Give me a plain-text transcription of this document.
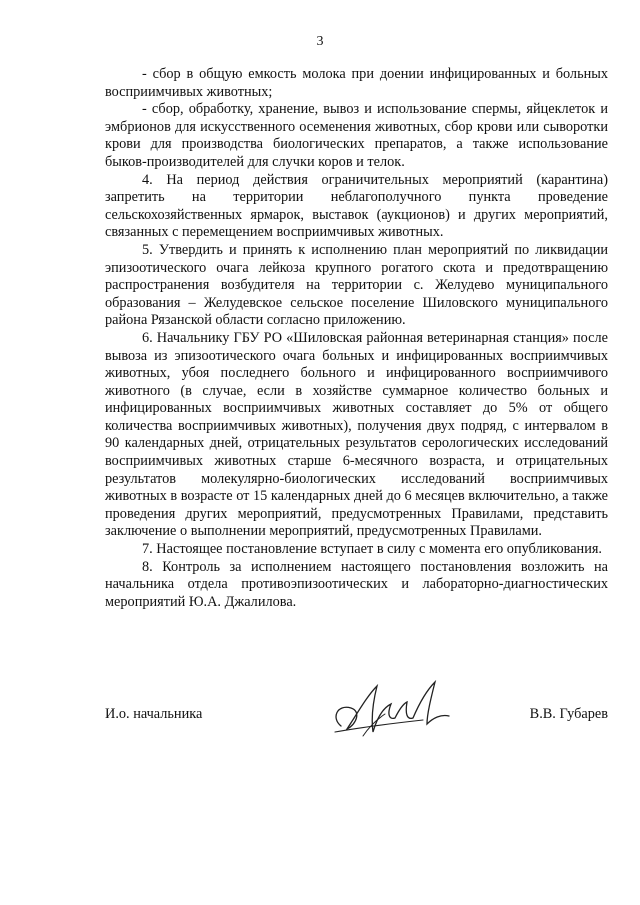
3

- сбор в общую емкость молока при доении инфицированных и больных восприимчивых животных;

- сбор, обработку, хранение, вывоз и использование спермы, яйцеклеток и эмбрионов для искусственного осеменения животных, сбор крови или сыворотки крови для производства биологических препаратов, а также использование быков-производителей для случки коров и телок.

4. На период действия ограничительных мероприятий (карантина) запретить на территории неблагополучного пункта проведение сельскохозяйственных ярмарок, выставок (аукционов) и других мероприятий, связанных с перемещением восприимчивых животных.

5. Утвердить и принять к исполнению план мероприятий по ликвидации эпизоотического очага лейкоза крупного рогатого скота и предотвращению распространения возбудителя на территории с. Желудево муниципального образования – Желудевское сельское поселение Шиловского муниципального района Рязанской области согласно приложению.

6. Начальнику ГБУ РО «Шиловская районная ветеринарная станция» после вывоза из эпизоотического очага больных и инфицированных восприимчивых животных, убоя последнего больного и инфицированного восприимчивого животного (в случае, если в хозяйстве суммарное количество больных и инфицированных восприимчивых животных составляет до 5% от общего количества восприимчивых животных), получения двух подряд, с интервалом в 90 календарных дней, отрицательных результатов серологических исследований восприимчивых животных старше 6-месячного возраста, и отрицательных результатов молекулярно-биологических исследований восприимчивых животных в возрасте от 15 календарных дней до 6 месяцев включительно, а также проведения других мероприятий, предусмотренных Правилами, представить заключение о выполнении мероприятий, предусмотренных Правилами.

7. Настоящее постановление вступает в силу с момента его опубликования.

8. Контроль за исполнением настоящего постановления возложить на начальника отдела противоэпизоотических и лабораторно-диагностических мероприятий Ю.А. Джалилова.

И.о. начальника	В.В. Губарев
